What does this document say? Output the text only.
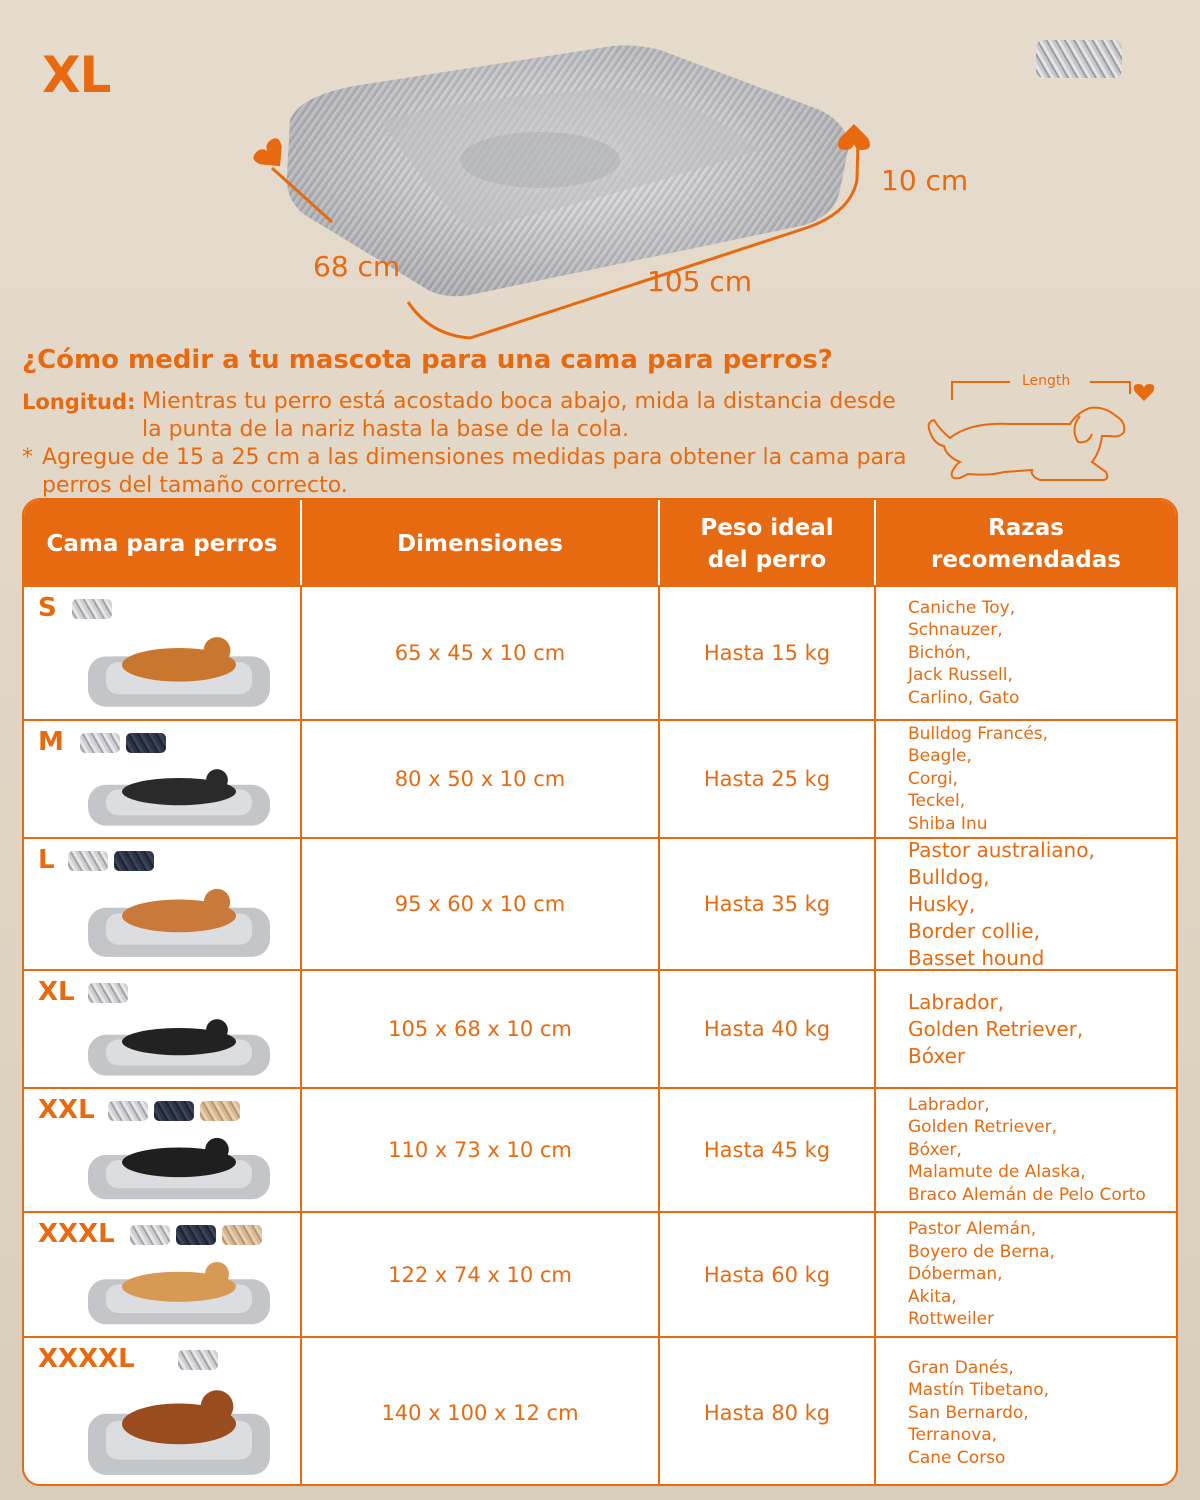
XL
68 cm	105 cm
10 cm
¿Cómo medir a tu mascota para una cama para perros?
Longitud: Mientras tu perro está acostado boca abajo, mida la distancia desde la punta de la nariz hasta la base de la cola.
* Agregue de 15 a 25 cm a las dimensiones medidas para obtener la cama para perros del tamaño correcto.
Length
Cama para perros	Dimensiones
Peso ideal del perro
Razas recomendadas
S
65 x 45 x 10 cm	Hasta 15 kg
Caniche Toy,
Schnauzer,
Bichón,
Jack Russell,
Carlino, Gato
M
80 x 50 x 10 cm	Hasta 25 kg
Bulldog Francés,
Beagle,
Corgi,
Teckel,
Shiba Inu
L
95 x 60 x 10 cm	Hasta 35 kg
Pastor australiano,
Bulldog,
Husky,
Border collie,
Basset hound
XL
105 x 68 x 10 cm	Hasta 40 kg
Labrador,
Golden Retriever,
Bóxer
XXL
110 x 73 x 10 cm	Hasta 45 kg
Labrador,
Golden Retriever,
Bóxer,
Malamute de Alaska,
Braco Alemán de Pelo Corto
XXXL
122 x 74 x 10 cm	Hasta 60 kg
Pastor Alemán,
Boyero de Berna,
Dóberman,
Akita,
Rottweiler
XXXXL
140 x 100 x 12 cm	Hasta 80 kg
Gran Danés,
Mastín Tibetano,
San Bernardo,
Terranova,
Cane Corso
